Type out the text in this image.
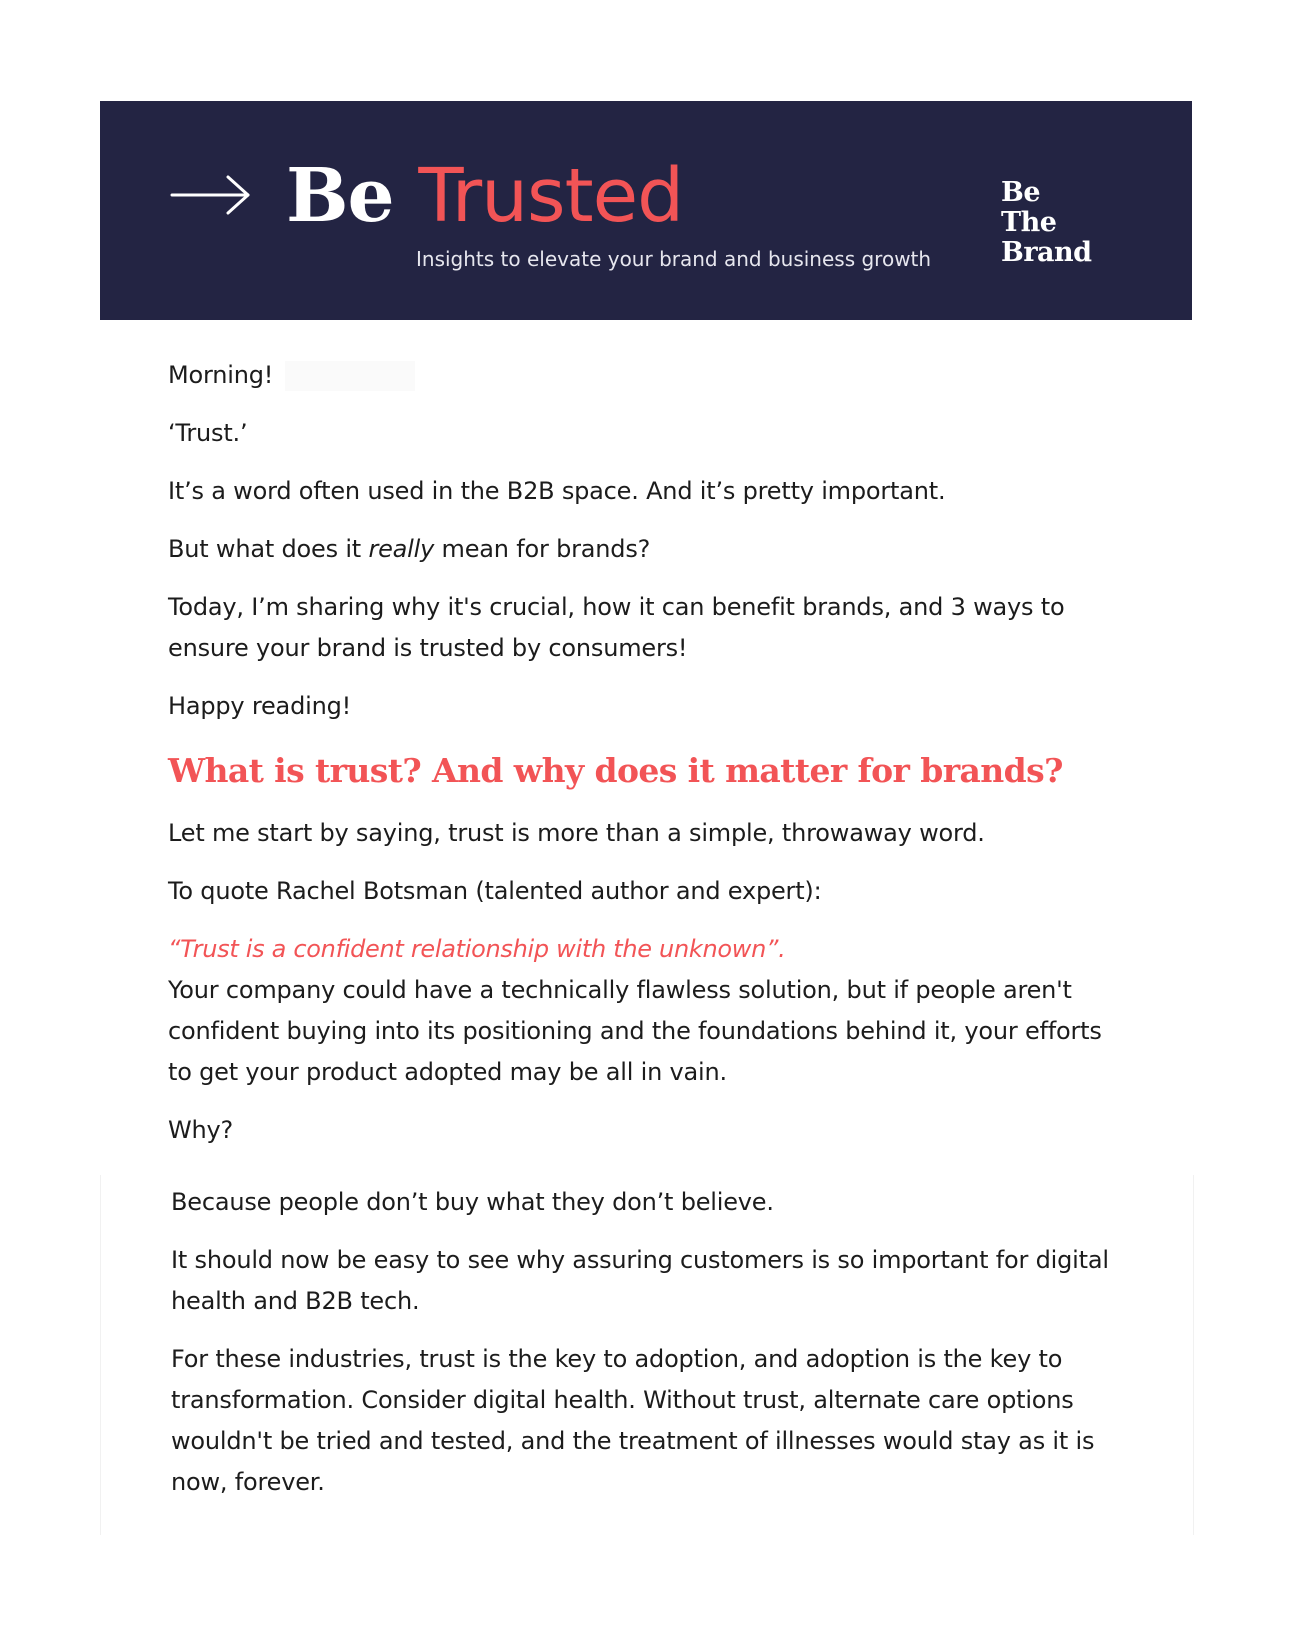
Be Trusted
Insights to elevate your brand and business growth
Be
The
Brand

Morning!

‘Trust.’

It’s a word often used in the B2B space. And it’s pretty important.

But what does it really mean for brands?

Today, I’m sharing why it's crucial, how it can benefit brands, and 3 ways to ensure your brand is trusted by consumers!

Happy reading!

What is trust? And why does it matter for brands?

Let me start by saying, trust is more than a simple, throwaway word.

To quote Rachel Botsman (talented author and expert):

“Trust is a confident relationship with the unknown”.

Your company could have a technically flawless solution, but if people aren't confident buying into its positioning and the foundations behind it, your efforts to get your product adopted may be all in vain.

Why?

Because people don’t buy what they don’t believe.

It should now be easy to see why assuring customers is so important for digital health and B2B tech.

For these industries, trust is the key to adoption, and adoption is the key to transformation. Consider digital health. Without trust, alternate care options wouldn't be tried and tested, and the treatment of illnesses would stay as it is now, forever.
